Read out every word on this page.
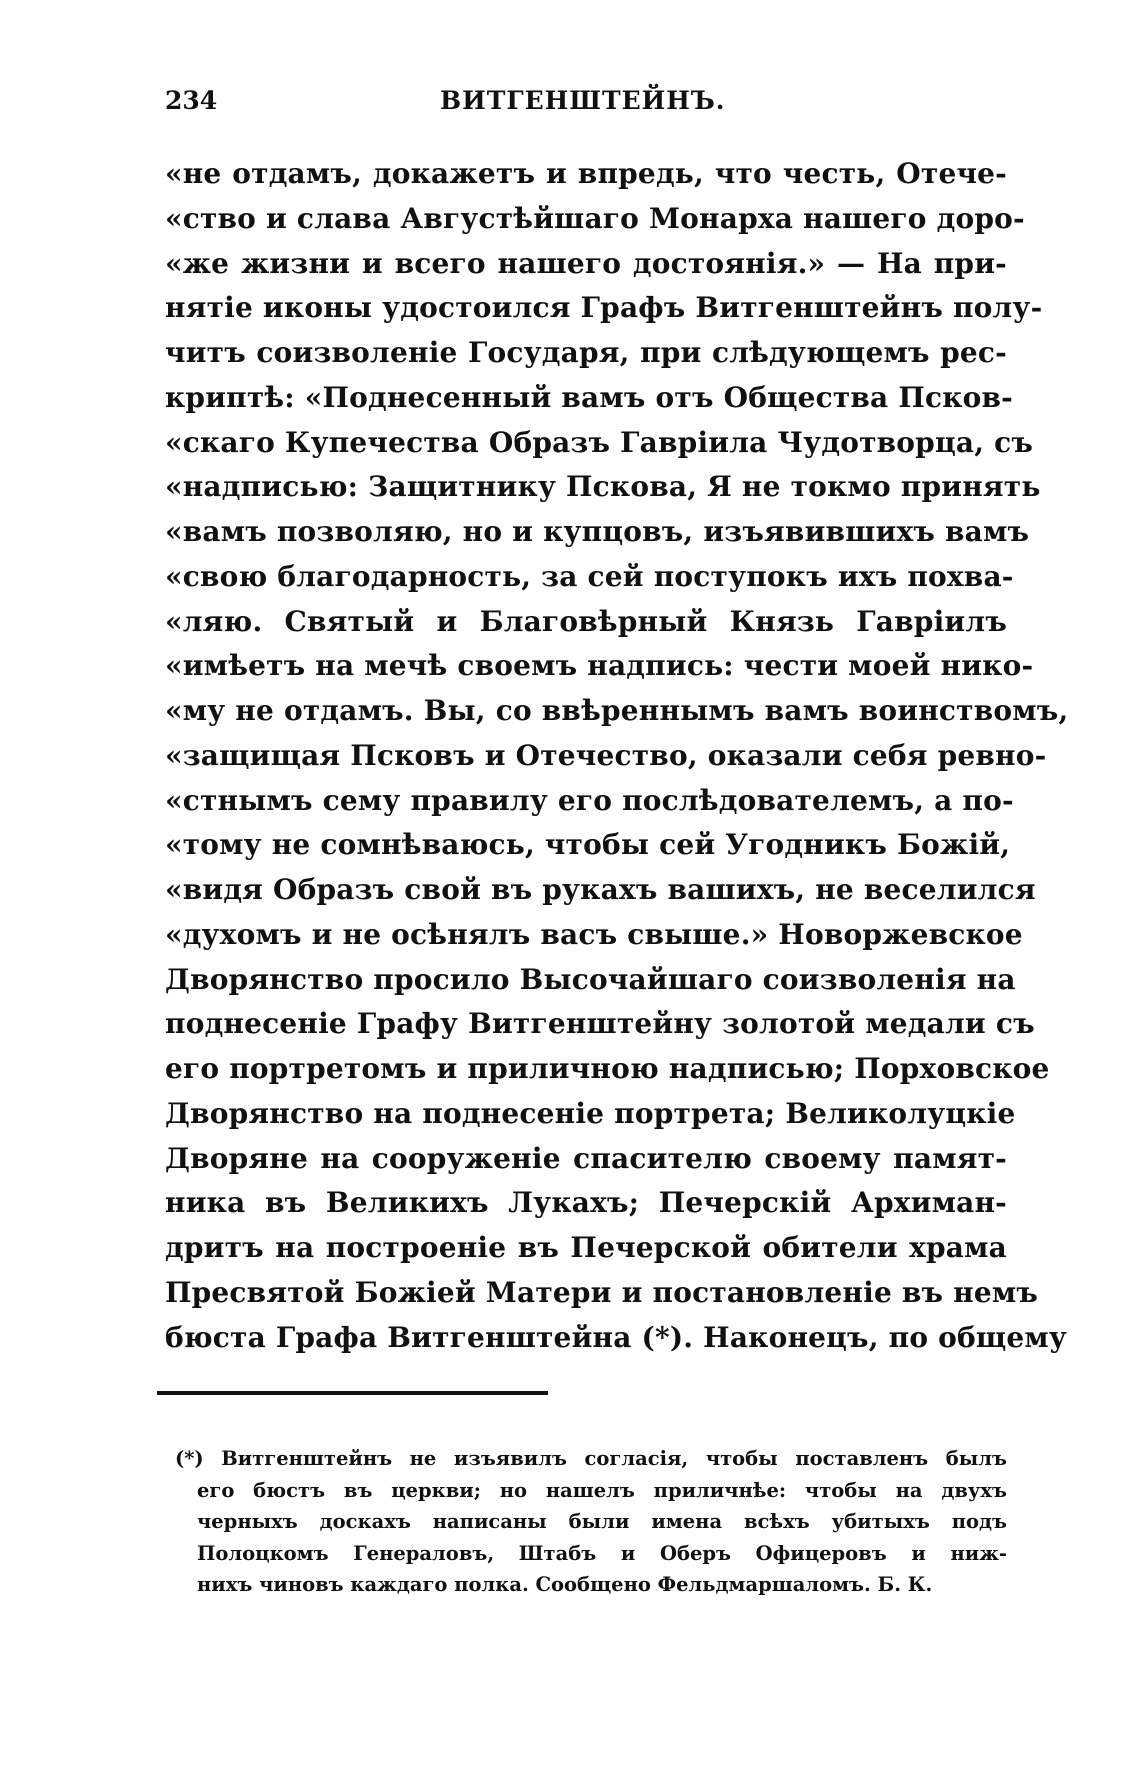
234	ВИТГЕНШТЕЙНЪ.
«не отдамъ, докажетъ и впредь, что честь, Отече-
«ство и слава Августѣйшаго Монарха нашего доро-
«же жизни и всего нашего достоянія.» — На при-
нятіе иконы удостоился Графъ Витгенштейнъ полу-
читъ соизволеніе Государя, при слѣдующемъ рес-
криптѣ: «Поднесенный вамъ отъ Общества Псков-
«скаго Купечества Образъ Гавріила Чудотворца, съ
«надписью: Защитнику Пскова, Я не токмо принять
«вамъ позволяю, но и купцовъ, изъявившихъ вамъ
«свою благодарность, за сей поступокъ ихъ похва-
«ляю. Святый и Благовѣрный Князь Гавріилъ
«имѣетъ на мечѣ своемъ надпись: чести моей нико-
«му не отдамъ. Вы, со ввѣреннымъ вамъ воинствомъ,
«защищая Псковъ и Отечество, оказали себя ревно-
«стнымъ сему правилу его послѣдователемъ, а по-
«тому не сомнѣваюсь, чтобы сей Угодникъ Божій,
«видя Образъ свой въ рукахъ вашихъ, не веселился
«духомъ и не осѣнялъ васъ свыше.» Новоржевское
Дворянство просило Высочайшаго соизволенія на
поднесеніе Графу Витгенштейну золотой медали съ
его портретомъ и приличною надписью; Порховское
Дворянство на поднесеніе портрета; Великолуцкіе
Дворяне на сооруженіе спасителю своему памят-
ника въ Великихъ Лукахъ; Печерскій Архиман-
дритъ на построеніе въ Печерской обители храма
Пресвятой Божіей Матери и постановленіе въ немъ
бюста Графа Витгенштейна (*). Наконецъ, по общему
(*) Витгенштейнъ не изъявилъ согласія, чтобы поставленъ былъ
его бюстъ въ церкви; но нашелъ приличнѣе: чтобы на двухъ
черныхъ доскахъ написаны были имена всѣхъ убитыхъ подъ
Полоцкомъ Генераловъ, Штабъ и Оберъ Офицеровъ и ниж-
нихъ чиновъ каждаго полка. Сообщено Фельдмаршаломъ. Б. К.
